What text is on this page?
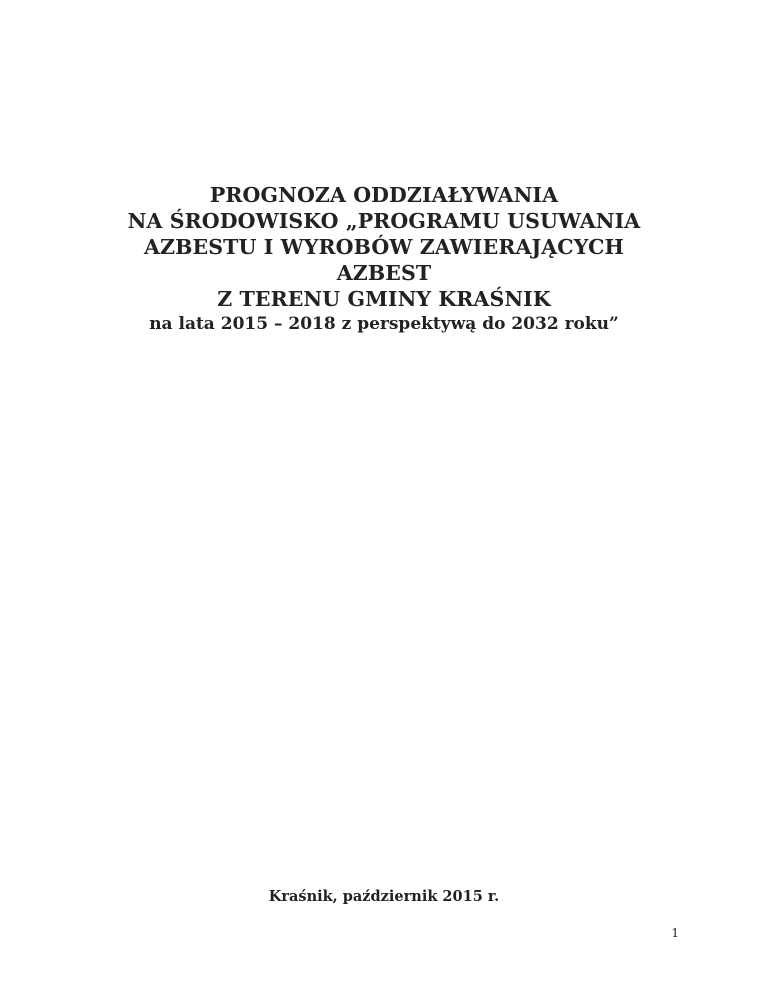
PROGNOZA ODDZIAŁYWANIA
NA ŚRODOWISKO „PROGRAMU USUWANIA
AZBESTU I WYROBÓW ZAWIERAJĄCYCH
AZBEST
Z TERENU GMINY KRAŚNIK
na lata 2015 – 2018 z perspektywą do 2032 roku”
Kraśnik, październik 2015 r.
1
